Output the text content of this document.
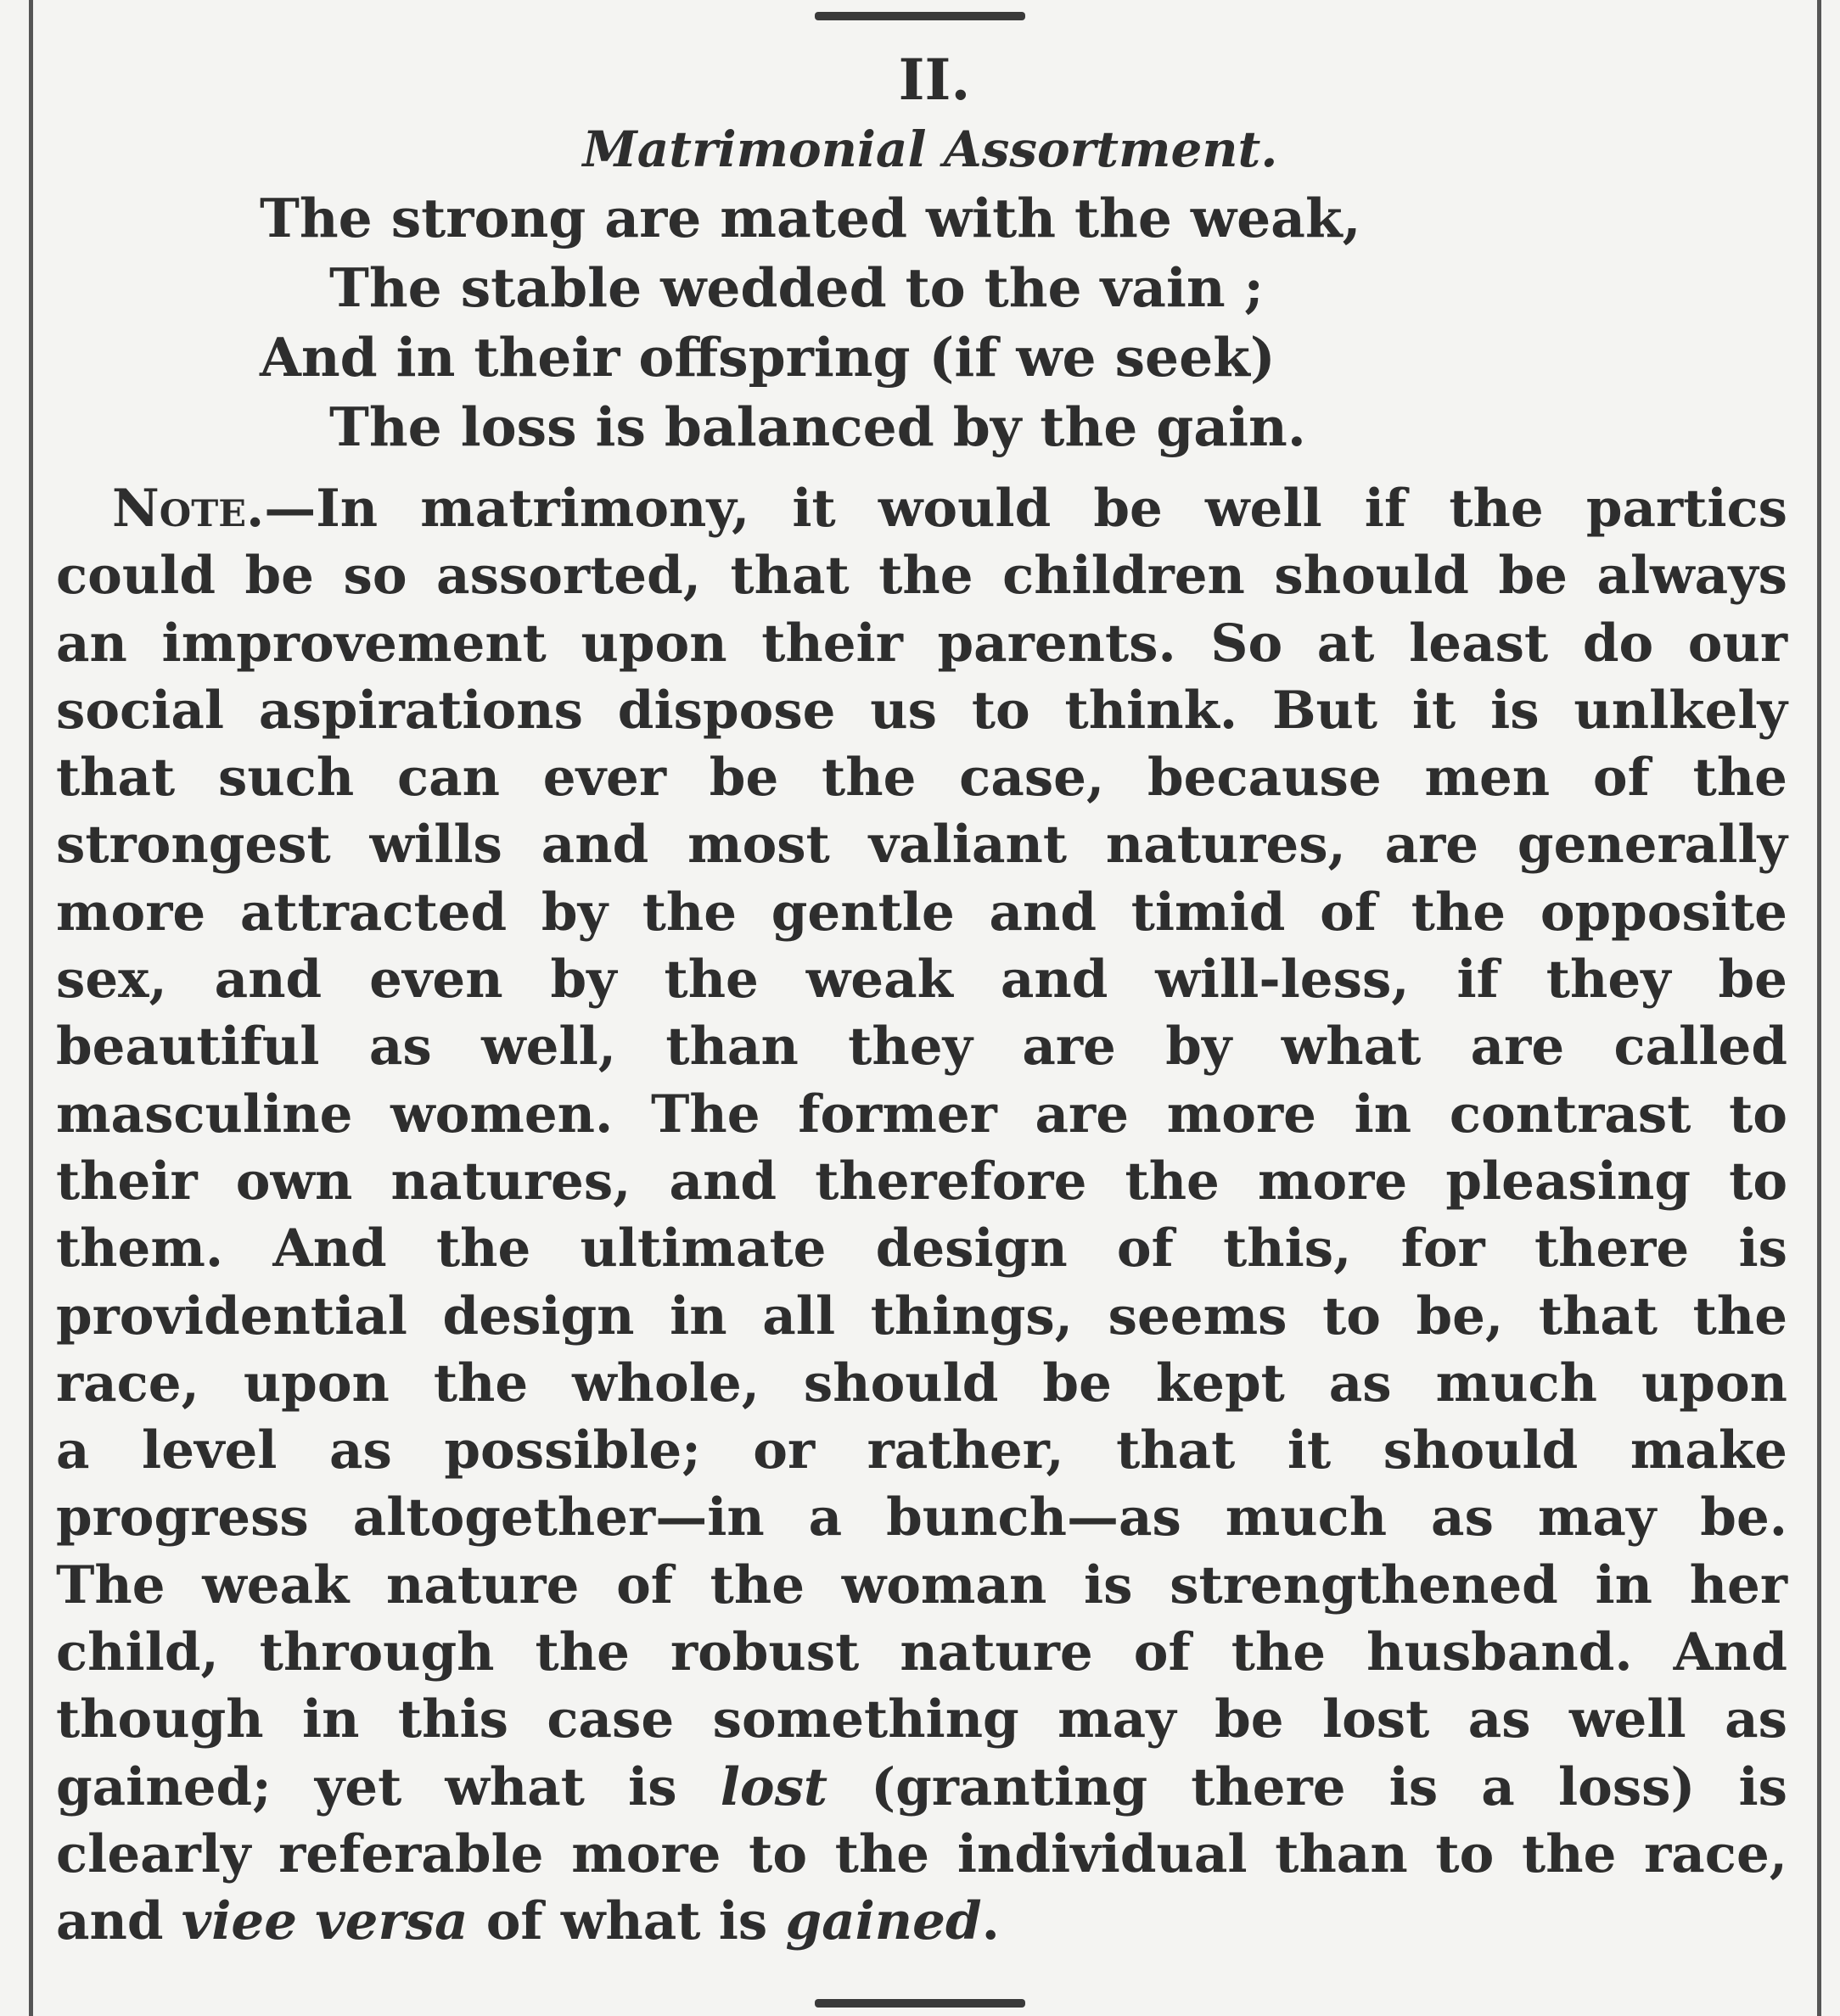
II.
Matrimonial Assortment.
The strong are mated with the weak,
The stable wedded to the vain ;
And in their offspring (if we seek)
The loss is balanced by the gain.
Note.—In matrimony, it would be well if the partics
could be so assorted, that the children should be always
an improvement upon their parents. So at least do our
social aspirations dispose us to think. But it is unlkely
that such can ever be the case, because men of the
strongest wills and most valiant natures, are generally
more attracted by the gentle and timid of the opposite
sex, and even by the weak and will-less, if they be
beautiful as well, than they are by what are called
masculine women. The former are more in contrast to
their own natures, and therefore the more pleasing to
them. And the ultimate design of this, for there is
providential design in all things, seems to be, that the
race, upon the whole, should be kept as much upon
a level as possible; or rather, that it should make
progress altogether—in a bunch—as much as may be.
The weak nature of the woman is strengthened in her
child, through the robust nature of the husband. And
though in this case something may be lost as well as
gained; yet what is lost (granting there is a loss) is
clearly referable more to the individual than to the race,
and viee versa of what is gained.
